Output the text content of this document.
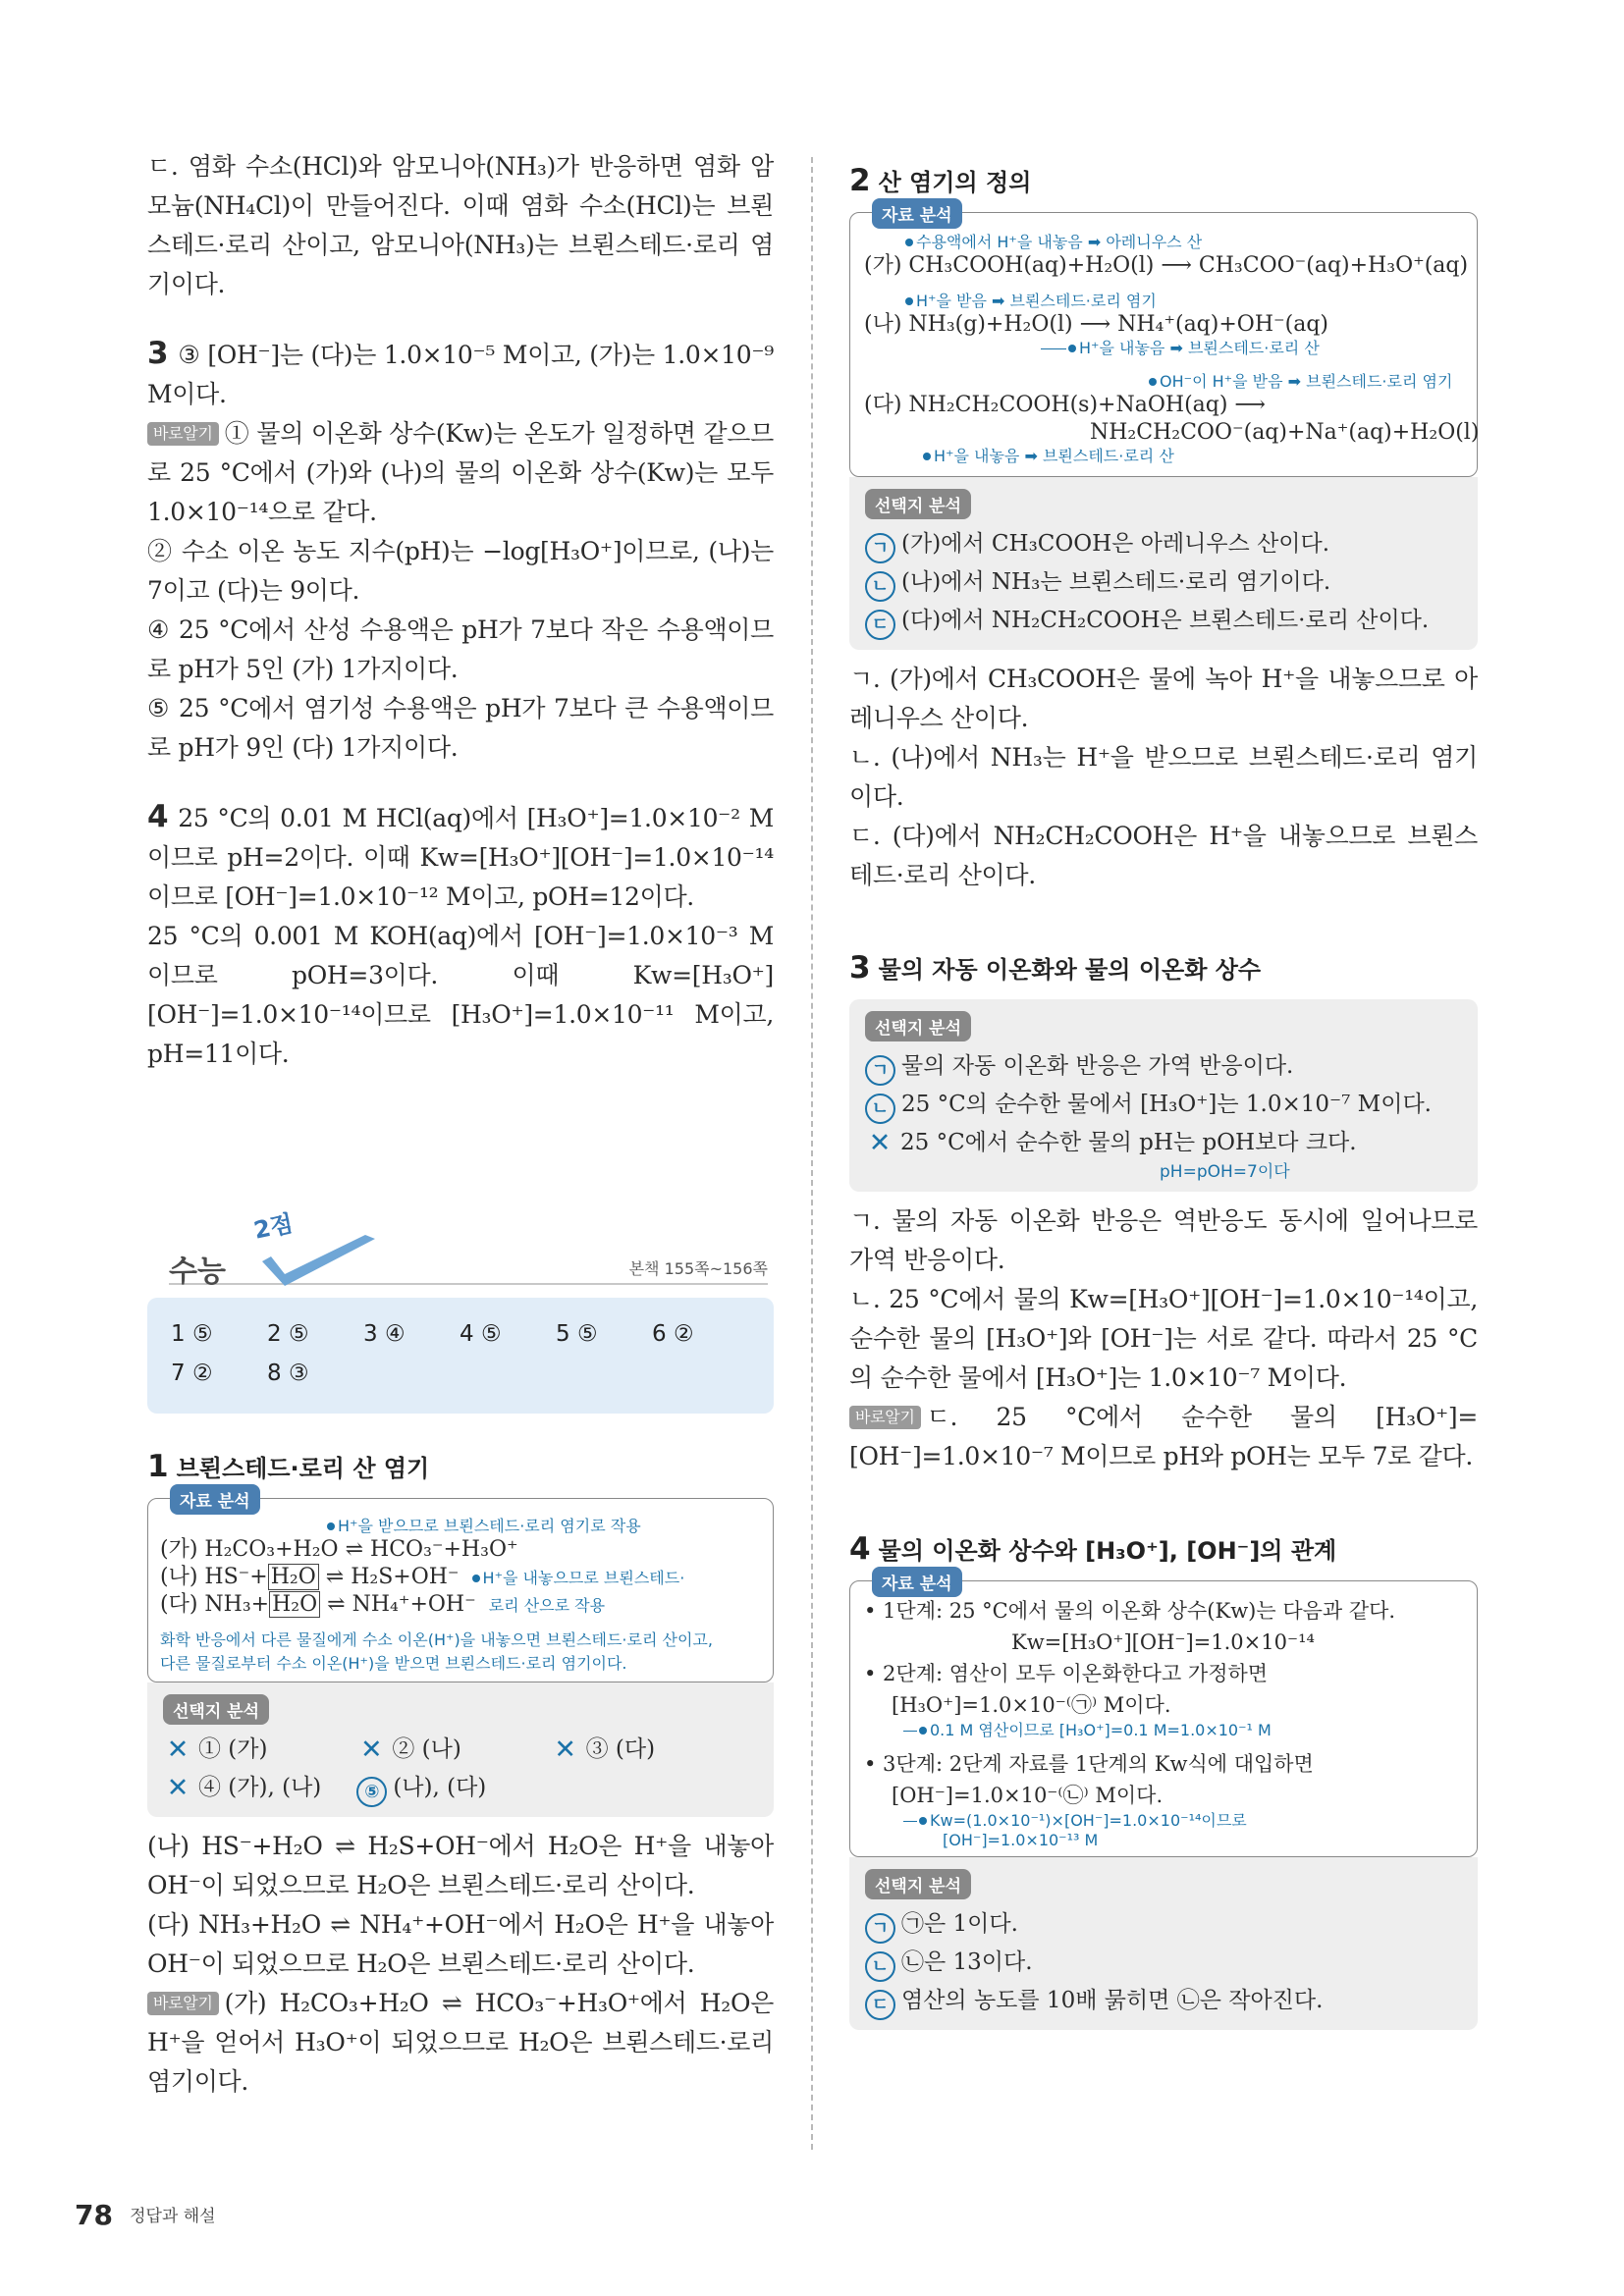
ㄷ. 염화 수소(HCl)와 암모니아(NH₃)가 반응하면 염화 암모늄(NH₄Cl)이 만들어진다. 이때 염화 수소(HCl)는 브뢴스테드·로리 산이고, 암모니아(NH₃)는 브뢴스테드·로리 염기이다.

3 ③ [OH⁻]는 (다)는 1.0×10⁻⁵ M이고, (가)는 1.0×10⁻⁹ M이다.

바로알기 ① 물의 이온화 상수(Kw)는 온도가 일정하면 같으므로 25 °C에서 (가)와 (나)의 물의 이온화 상수(Kw)는 모두 1.0×10⁻¹⁴으로 같다.

② 수소 이온 농도 지수(pH)는 −log[H₃O⁺]이므로, (나)는 7이고 (다)는 9이다.

④ 25 °C에서 산성 수용액은 pH가 7보다 작은 수용액이므로 pH가 5인 (가) 1가지이다.

⑤ 25 °C에서 염기성 수용액은 pH가 7보다 큰 수용액이므로 pH가 9인 (다) 1가지이다.

4 25 °C의 0.01 M HCl(aq)에서 [H₃O⁺]=1.0×10⁻² M이므로 pH=2이다. 이때 Kw=[H₃O⁺][OH⁻]=1.0×10⁻¹⁴이므로 [OH⁻]=1.0×10⁻¹² M이고, pOH=12이다.

25 °C의 0.001 M KOH(aq)에서 [OH⁻]=1.0×10⁻³ M이므로 pOH=3이다. 이때 Kw=[H₃O⁺][OH⁻]=1.0×10⁻¹⁴이므로 [H₃O⁺]=1.0×10⁻¹¹ M이고, pH=11이다.

수능
2점
본책 155쪽~156쪽
1 ⑤ 2 ⑤ 3 ④ 4 ⑤ 5 ⑤ 6 ②
7 ② 8 ③
1 브뢴스테드·로리 산 염기
자료 분석
H⁺을 받으므로 브뢴스테드·로리 염기로 작용
(가) H₂CO₃+H₂O ⇌ HCO₃⁻+H₃O⁺
(나) HS⁻+ H₂O ⇌ H₂S+OH⁻ H⁺을 내놓으므로 브뢴스테드·
(다) NH₃+ H₂O ⇌ NH₄⁺+OH⁻ 로리 산으로 작용
화학 반응에서 다른 물질에게 수소 이온(H⁺)을 내놓으면 브뢴스테드·로리 산이고,
다른 물질로부터 수소 이온(H⁺)을 받으면 브뢴스테드·로리 염기이다.
선택지 분석
✕ ① (가)	✕ ② (나)	✕ ③ (다)
✕ ④ (가), (나) ⑤ (나), (다)

(나) HS⁻+H₂O ⇌ H₂S+OH⁻에서 H₂O은 H⁺을 내놓아 OH⁻이 되었으므로 H₂O은 브뢴스테드·로리 산이다.

(다) NH₃+H₂O ⇌ NH₄⁺+OH⁻에서 H₂O은 H⁺을 내놓아 OH⁻이 되었으므로 H₂O은 브뢴스테드·로리 산이다.

바로알기 (가) H₂CO₃+H₂O ⇌ HCO₃⁻+H₃O⁺에서 H₂O은 H⁺을 얻어서 H₃O⁺이 되었으므로 H₂O은 브뢴스테드·로리 염기이다.

2 산 염기의 정의
자료 분석
수용액에서 H⁺을 내놓음 ➡ 아레니우스 산
(가) CH₃COOH(aq)+H₂O(l) ⟶ CH₃COO⁻(aq)+H₃O⁺(aq)
H⁺을 받음 ➡ 브뢴스테드·로리 염기
(나) NH₃(g)+H₂O(l) ⟶ NH₄⁺(aq)+OH⁻(aq)
H⁺을 내놓음 ➡ 브뢴스테드·로리 산
OH⁻이 H⁺을 받음 ➡ 브뢴스테드·로리 염기
(다) NH₂CH₂COOH(s)+NaOH(aq) ⟶
NH₂CH₂COO⁻(aq)+Na⁺(aq)+H₂O(l)
H⁺을 내놓음 ➡ 브뢴스테드·로리 산
선택지 분석
ㄱ (가)에서 CH₃COOH은 아레니우스 산이다.
ㄴ (나)에서 NH₃는 브뢴스테드·로리 염기이다.
ㄷ (다)에서 NH₂CH₂COOH은 브뢴스테드·로리 산이다.

ㄱ. (가)에서 CH₃COOH은 물에 녹아 H⁺을 내놓으므로 아레니우스 산이다.

ㄴ. (나)에서 NH₃는 H⁺을 받으므로 브뢴스테드·로리 염기이다.

ㄷ. (다)에서 NH₂CH₂COOH은 H⁺을 내놓으므로 브뢴스테드·로리 산이다.

3 물의 자동 이온화와 물의 이온화 상수
선택지 분석
ㄱ 물의 자동 이온화 반응은 가역 반응이다.
ㄴ 25 °C의 순수한 물에서 [H₃O⁺]는 1.0×10⁻⁷ M이다.
✕ 25 °C에서 순수한 물의 pH는 pOH보다 크다.
pH=pOH=7이다

ㄱ. 물의 자동 이온화 반응은 역반응도 동시에 일어나므로 가역 반응이다.

ㄴ. 25 °C에서 물의 Kw=[H₃O⁺][OH⁻]=1.0×10⁻¹⁴이고, 순수한 물의 [H₃O⁺]와 [OH⁻]는 서로 같다. 따라서 25 °C의 순수한 물에서 [H₃O⁺]는 1.0×10⁻⁷ M이다.

바로알기 ㄷ. 25 °C에서 순수한 물의 [H₃O⁺]=[OH⁻]=1.0×10⁻⁷ M이므로 pH와 pOH는 모두 7로 같다.

4 물의 이온화 상수와 [H₃O⁺], [OH⁻]의 관계
자료 분석
• 1단계: 25 °C에서 물의 이온화 상수(Kw)는 다음과 같다.
Kw=[H₃O⁺][OH⁻]=1.0×10⁻¹⁴
• 2단계: 염산이 모두 이온화한다고 가정하면
[H₃O⁺]=1.0×10⁻⁽㉠⁾ M이다.
0.1 M 염산이므로 [H₃O⁺]=0.1 M=1.0×10⁻¹ M
• 3단계: 2단계 자료를 1단계의 Kw식에 대입하면
[OH⁻]=1.0×10⁻⁽㉡⁾ M이다.
Kw=(1.0×10⁻¹)×[OH⁻]=1.0×10⁻¹⁴이므로
[OH⁻]=1.0×10⁻¹³ M
선택지 분석
ㄱ ㉠은 1이다.
ㄴ ㉡은 13이다.
ㄷ 염산의 농도를 10배 묽히면 ㉡은 작아진다.
78 정답과 해설
